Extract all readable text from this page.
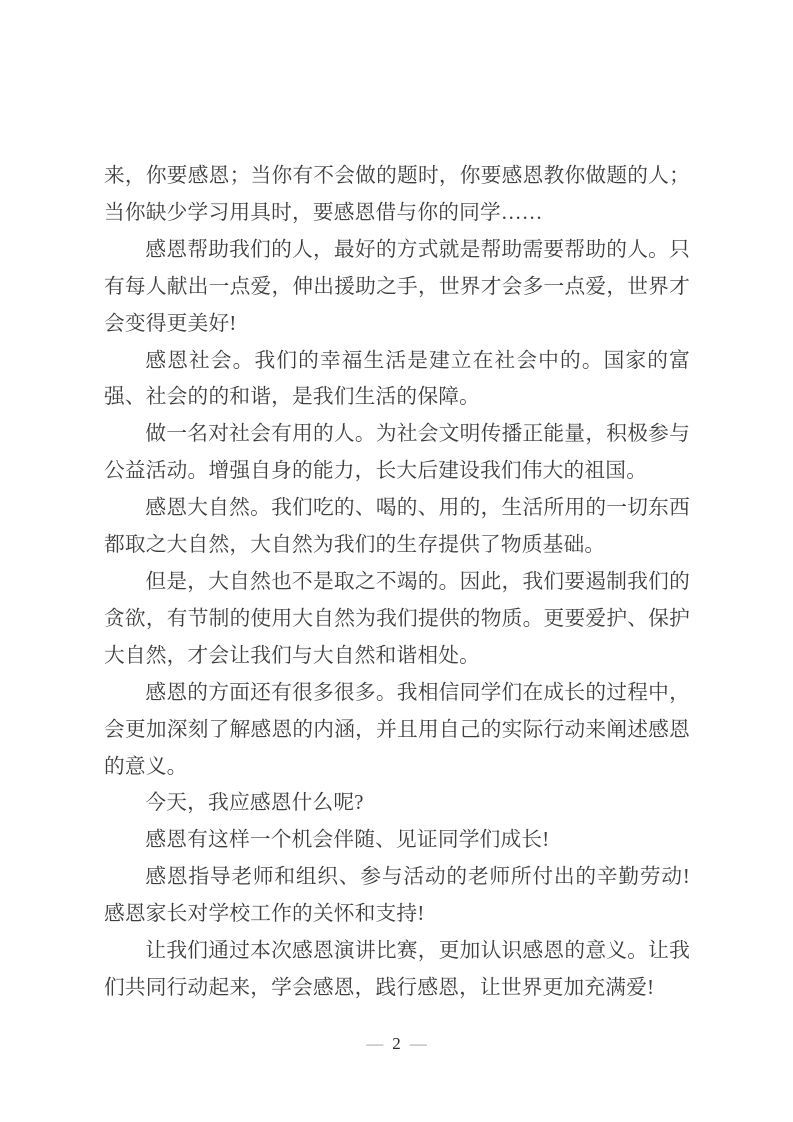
来，你要感恩；当你有不会做的题时，你要感恩教你做题的人；当你缺少学习用具时，要感恩借与你的同学……

感恩帮助我们的人，最好的方式就是帮助需要帮助的人。只有每人献出一点爱，伸出援助之手，世界才会多一点爱，世界才会变得更美好!

感恩社会。我们的幸福生活是建立在社会中的。国家的富强、社会的的和谐，是我们生活的保障。

做一名对社会有用的人。为社会文明传播正能量，积极参与公益活动。增强自身的能力，长大后建设我们伟大的祖国。

感恩大自然。我们吃的、喝的、用的，生活所用的一切东西都取之大自然，大自然为我们的生存提供了物质基础。

但是，大自然也不是取之不竭的。因此，我们要遏制我们的贪欲，有节制的使用大自然为我们提供的物质。更要爱护、保护大自然，才会让我们与大自然和谐相处。

感恩的方面还有很多很多。我相信同学们在成长的过程中，会更加深刻了解感恩的内涵，并且用自己的实际行动来阐述感恩的意义。

今天，我应感恩什么呢?

感恩有这样一个机会伴随、见证同学们成长!

感恩指导老师和组织、参与活动的老师所付出的辛勤劳动!感恩家长对学校工作的关怀和支持!

让我们通过本次感恩演讲比赛，更加认识感恩的意义。让我们共同行动起来，学会感恩，践行感恩，让世界更加充满爱!

— 2 —
